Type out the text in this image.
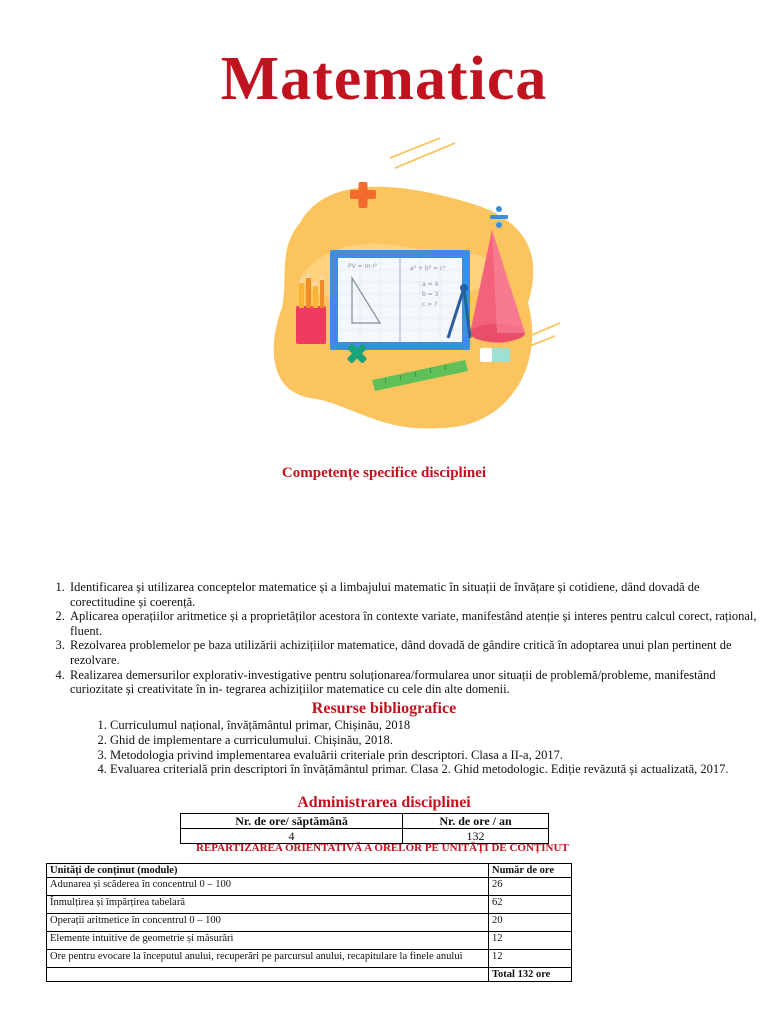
Matematica
PV = m·r²	a² + b² = c²
a = 4
b = 3
c = ?
Competențe specifice disciplinei
1. Identificarea și utilizarea conceptelor matematice și a limbajului matematic în situații de învățare și cotidiene, dând dovadă de corectitudine și coerență.
2. Aplicarea operațiilor aritmetice și a proprietăților acestora în contexte variate, manifestând atenție și interes pentru calcul corect, rațional, fluent.
3. Rezolvarea problemelor pe baza utilizării achizițiilor matematice, dând dovadă de gândire critică în adoptarea unui plan pertinent de rezolvare.
4. Realizarea demersurilor explorativ-investigative pentru soluționarea/formularea unor situații de problemă/probleme, manifestând curiozitate și creativitate în in- tegrarea achizițiilor matematice cu cele din alte domenii.
Resurse bibliografice
1. Curriculumul național, învățământul primar, Chișinău, 2018
2. Ghid de implementare a curriculumului. Chișinău, 2018.
3. Metodologia privind implementarea evaluării criteriale prin descriptori. Clasa a II-a, 2017.
4. Evaluarea criterială prin descriptori în învățământul primar. Clasa 2. Ghid metodologic. Ediție revăzută și actualizată, 2017.
Administrarea disciplinei
Nr. de ore/ săptămână	Nr. de ore / an
4	132
REPARTIZAREA ORIENTATIVĂ A ORELOR PE UNITĂȚI DE CONȚINUT
Unități de conținut (module)	Număr de ore
Adunarea și scăderea în concentrul 0 – 100	26
Înmulțirea și împărțirea tabelară	62
Operații aritmetice în concentrul 0 – 100	20
Elemente intuitive de geometrie și măsurări	12
Ore pentru evocare la începutul anului, recuperări pe parcursul anului, recapitulare la finele anului	12
	Total 132 ore
